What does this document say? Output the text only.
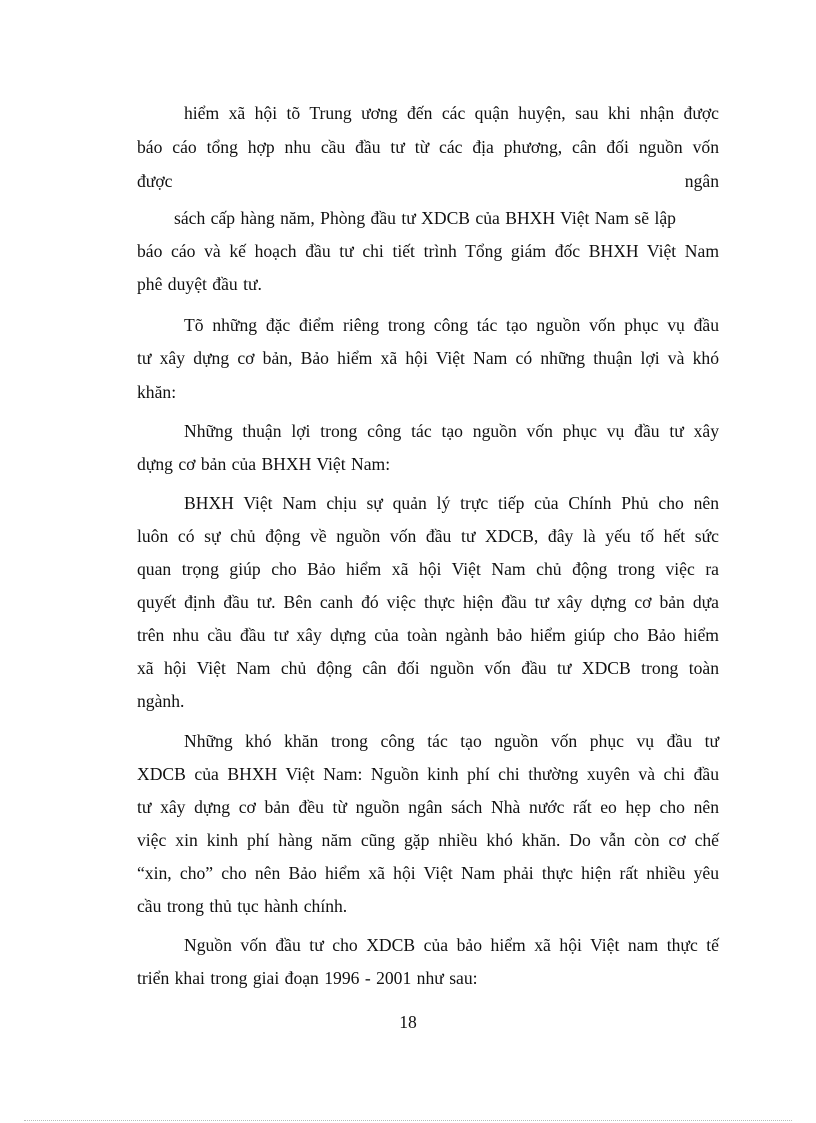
hiểm xã hội tõ Trung ương đến các quận huyện, sau khi nhận được
báo cáo tổng hợp nhu cầu đầu tư từ các địa phương, cân đối nguồn vốn
được ngân
sách cấp hàng năm, Phòng đầu tư XDCB của BHXH Việt Nam sẽ lập
báo cáo và kế hoạch đầu tư chi tiết trình Tổng giám đốc BHXH Việt Nam
phê duyệt đầu tư.
Tõ những đặc điểm riêng trong công tác tạo nguồn vốn phục vụ đầu
tư xây dựng cơ bản, Bảo hiểm xã hội Việt Nam có những thuận lợi và khó
khăn:
Những thuận lợi trong công tác tạo nguồn vốn phục vụ đầu tư xây
dựng cơ bản của BHXH Việt Nam:
BHXH Việt Nam chịu sự quản lý trực tiếp của Chính Phủ cho nên
luôn có sự chủ động về nguồn vốn đầu tư XDCB, đây là yếu tố hết sức
quan trọng giúp cho Bảo hiểm xã hội Việt Nam chủ động trong việc ra
quyết định đầu tư. Bên canh đó việc thực hiện đầu tư xây dựng cơ bản dựa
trên nhu cầu đầu tư xây dựng của toàn ngành bảo hiểm giúp cho Bảo hiểm
xã hội Việt Nam chủ động cân đối nguồn vốn đầu tư XDCB trong toàn
ngành.
Những khó khăn trong công tác tạo nguồn vốn phục vụ đầu tư
XDCB của BHXH Việt Nam: Nguồn kinh phí chi thường xuyên và chi đầu
tư xây dựng cơ bản đều từ nguồn ngân sách Nhà nước rất eo hẹp cho nên
việc xin kinh phí hàng năm cũng gặp nhiều khó khăn. Do vẫn còn cơ chế
“xin, cho” cho nên Bảo hiểm xã hội Việt Nam phải thực hiện rất nhiều yêu
cầu trong thủ tục hành chính.
Nguồn vốn đầu tư cho XDCB của bảo hiểm xã hội Việt nam thực tế
triển khai trong giai đoạn 1996 - 2001 như sau:
18
